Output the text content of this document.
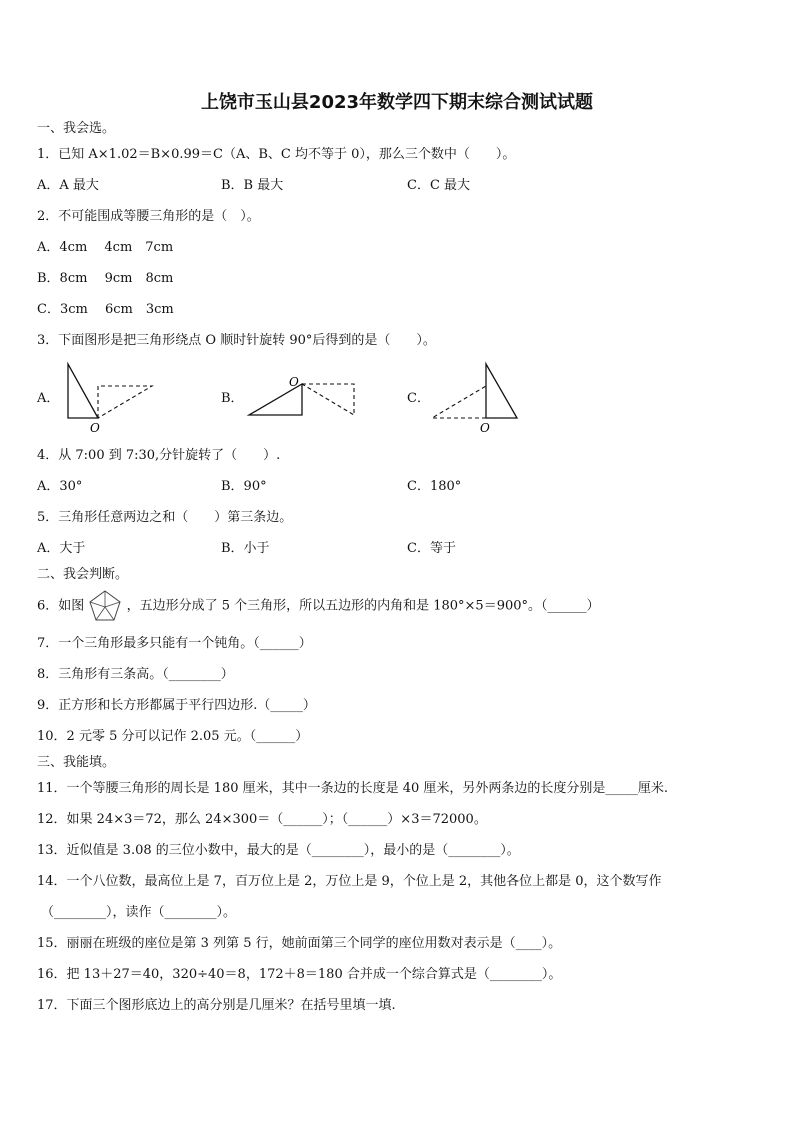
上饶市玉山县2023年数学四下期末综合测试试题
一、我会选。
1．已知 A×1.02＝B×0.99＝C（A、B、C 均不等于 0），那么三个数中（　　）。
A．A 最大	B．B 最大	C．C 最大
2．不可能围成等腰三角形的是（　）。
A．4cm　 4cm　7cm
B．8cm　 9cm　8cm
C．3cm　 6cm　3cm
3．下面图形是把三角形绕点 O 顺时针旋转 90°后得到的是（　　）。
A．
O
B．
O
C．
O
4．从 7:00 到 7:30,分针旋转了（　　）.
A．30°	B．90°	C．180°
5．三角形任意两边之和（　　）第三条边。
A．大于	B．小于	C．等于
二、我会判断。
6．如图	，五边形分成了 5 个三角形，所以五边形的内角和是 180°×5＝900°。（______）
7．一个三角形最多只能有一个钝角。（______）
8．三角形有三条高。（________）
9．正方形和长方形都属于平行四边形.（_____）
10．2 元零 5 分可以记作 2.05 元。（______）
三、我能填。
11．一个等腰三角形的周长是 180 厘米，其中一条边的长度是 40 厘米，另外两条边的长度分别是_____厘米.
12．如果 24×3＝72，那么 24×300＝（______）；（______）×3＝72000。
13．近似值是 3.08 的三位小数中，最大的是（________），最小的是（________）。
14．一个八位数，最高位上是 7，百万位上是 2，万位上是 9，个位上是 2，其他各位上都是 0，这个数写作
（________），读作（________）。
15．丽丽在班级的座位是第 3 列第 5 行，她前面第三个同学的座位用数对表示是（____）。
16．把 13＋27＝40，320÷40＝8，172＋8＝180 合并成一个综合算式是（________）。
17．下面三个图形底边上的高分别是几厘米？在括号里填一填.
